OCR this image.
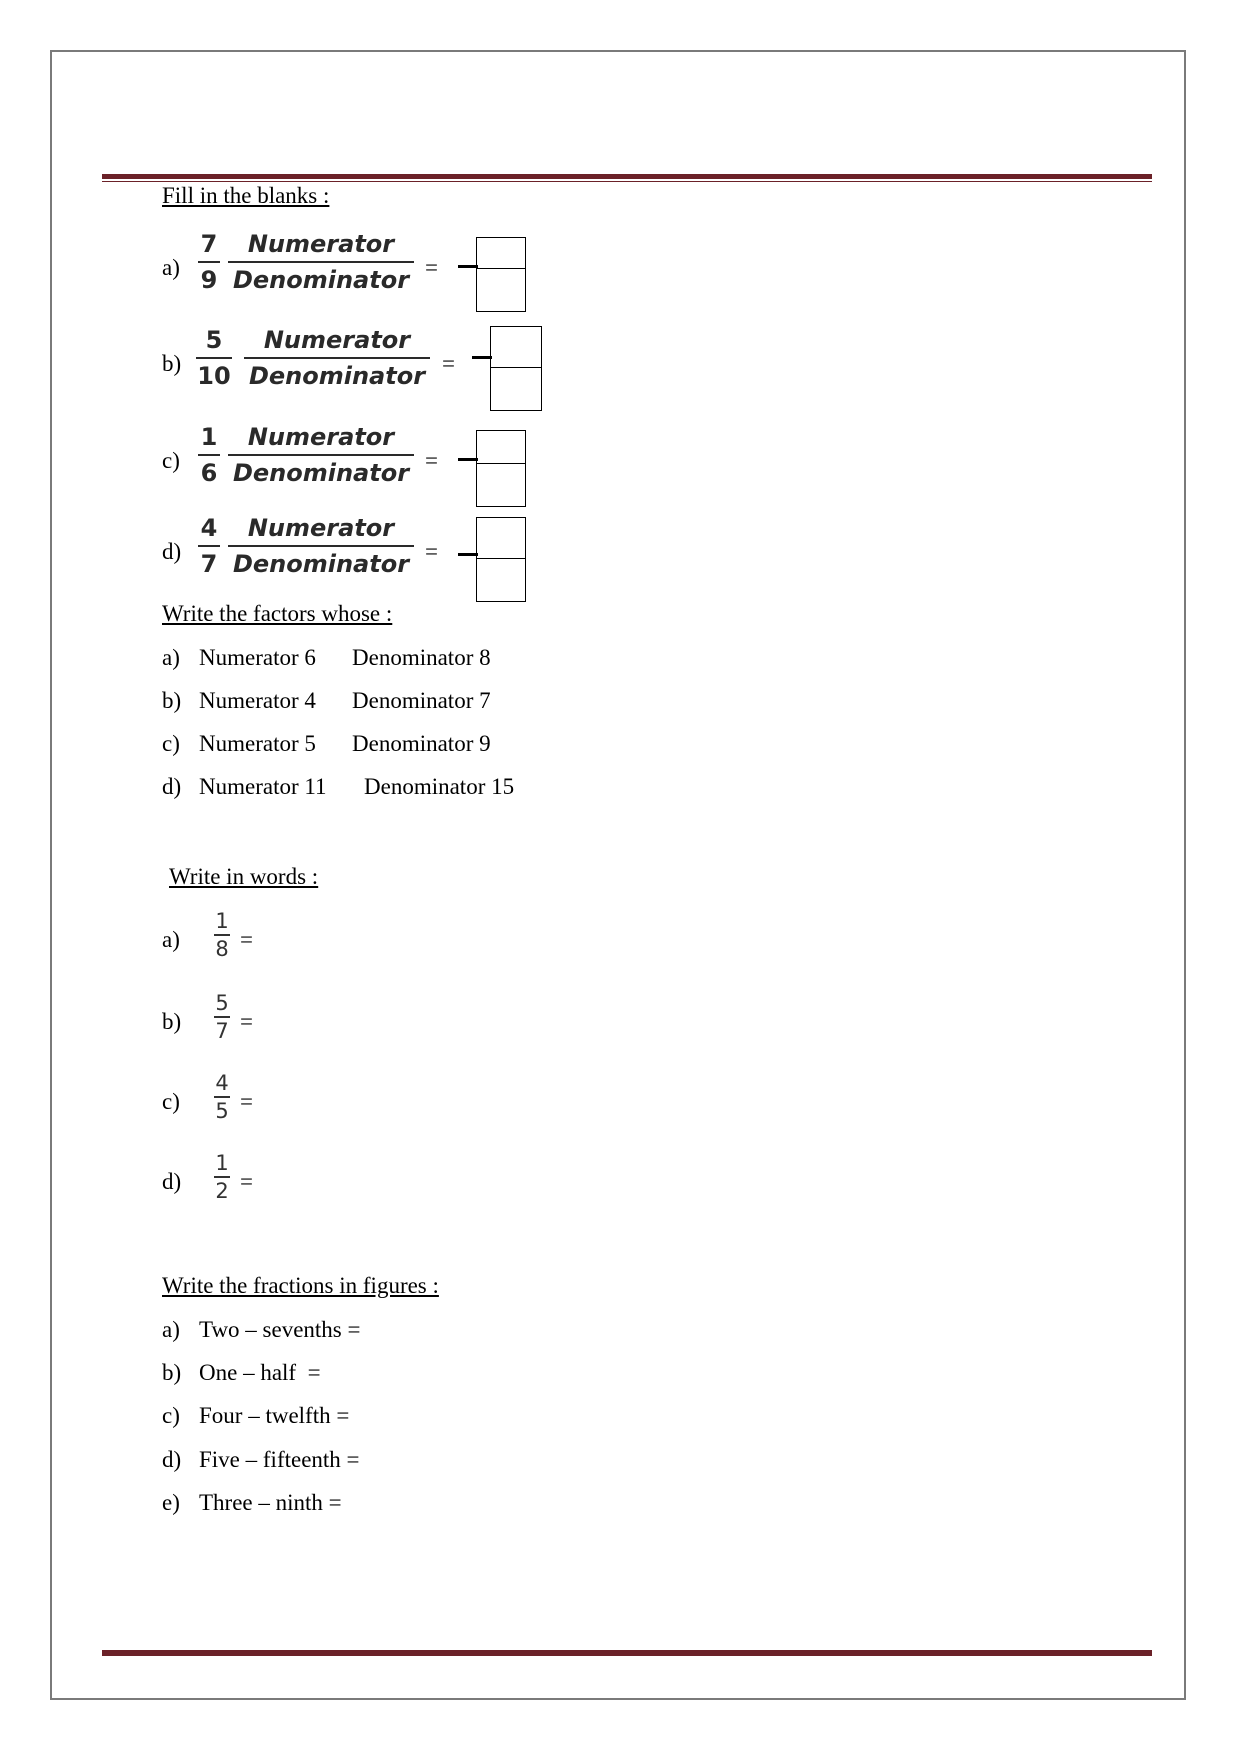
Fill in the blanks :
a)
7
9
Numerator
Denominator =
b)
5
10
Numerator
Denominator =
c)
1
6
Numerator
Denominator =
d)
4
7
Numerator
Denominator =
Write the factors whose :
a) Numerator 6 Denominator 8
b) Numerator 4 Denominator 7
c) Numerator 5 Denominator 9
d) Numerator 11 Denominator 15
Write in words :
a)
1
8 =
b)
5
7 =
c)
4
5 =
d)
1
2 =
Write the fractions in figures :
a) Two – sevenths =
b) One – half  =
c) Four – twelfth =
d) Five – fifteenth =
e) Three – ninth =
